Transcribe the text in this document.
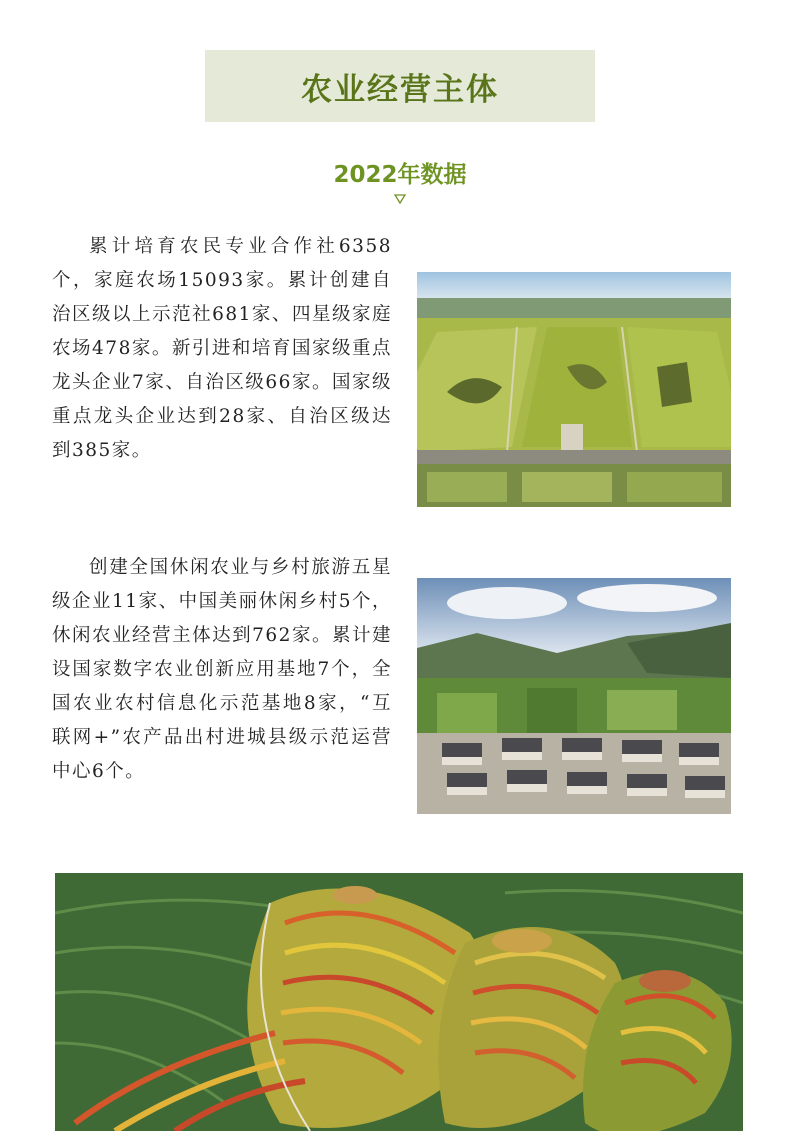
农业经营主体
2022年数据

累计培育农民专业合作社6358个，家庭农场15093家。累计创建自治区级以上示范社681家、四星级家庭农场478家。新引进和培育国家级重点龙头企业7家、自治区级66家。国家级重点龙头企业达到28家、自治区级达到385家。

创建全国休闲农业与乡村旅游五星级企业11家、中国美丽休闲乡村5个，休闲农业经营主体达到762家。累计建设国家数字农业创新应用基地7个，全国农业农村信息化示范基地8家，“互联网+”农产品出村进城县级示范运营中心6个。
